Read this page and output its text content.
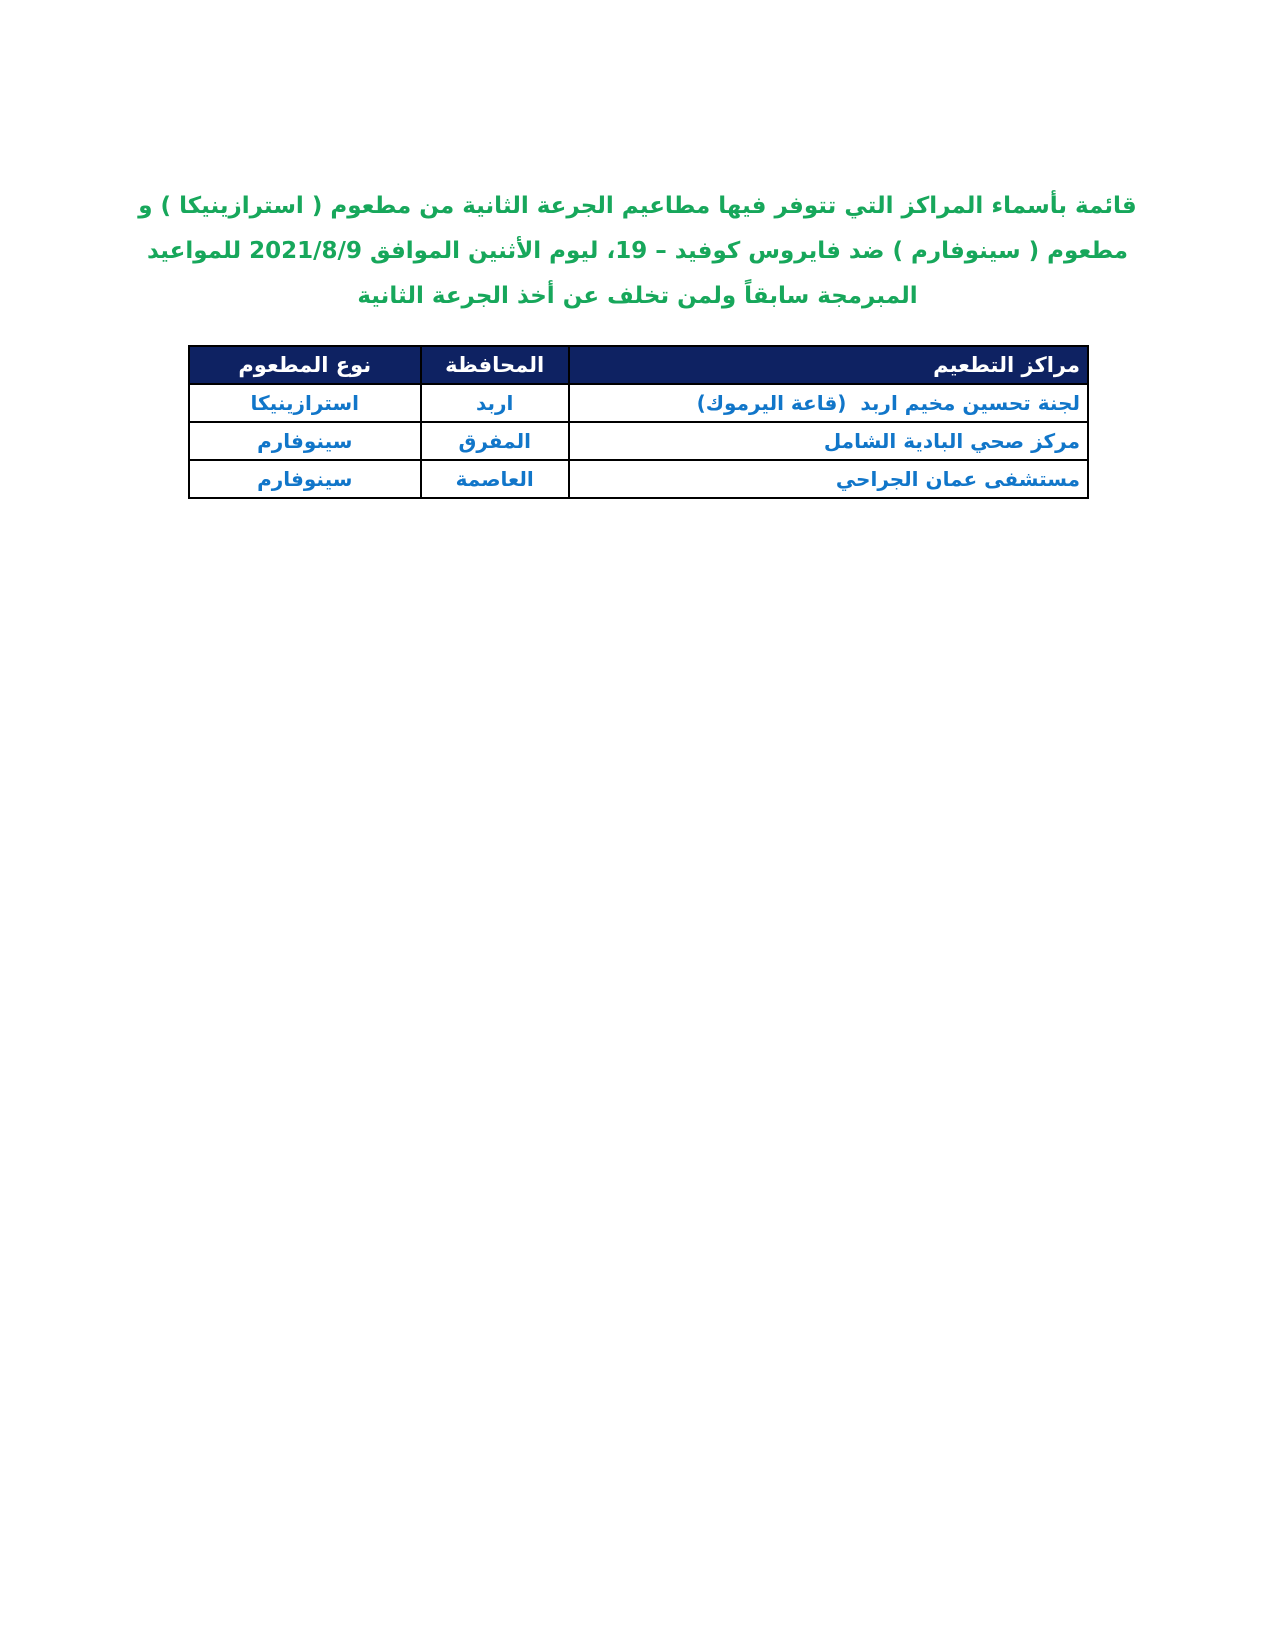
قائمة بأسماء المراكز التي تتوفر فيها مطاعيم الجرعة الثانية من مطعوم ( استرازينيكا ) و
مطعوم ( سينوفارم ) ضد فايروس كوفيد – 19، ليوم الأثنين الموافق 2021/8/9 للمواعيد
المبرمجة سابقاً ولمن تخلف عن أخذ الجرعة الثانية
مراكز التطعيم	المحافظة	نوع المطعوم
لجنة تحسين مخيم اربد  (قاعة اليرموك)	اربد	استرازينيكا
مركز صحي البادية الشامل	المفرق	سينوفارم
مستشفى عمان الجراحي	العاصمة	سينوفارم
